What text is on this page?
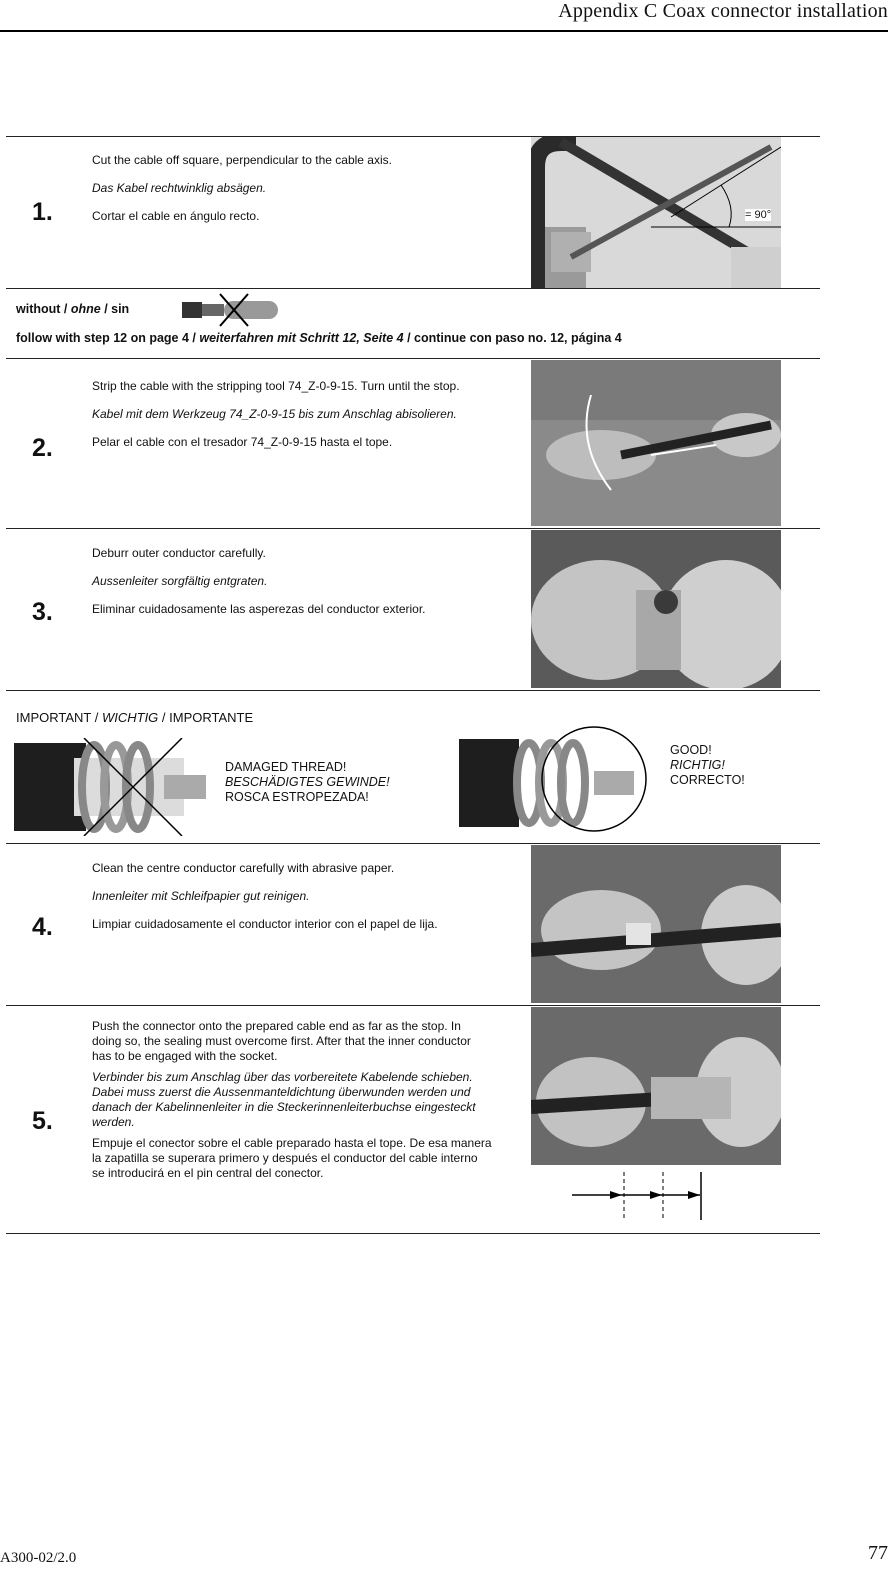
Appendix C Coax connector installation
1.

Cut the cable off square, perpendicular to the cable axis.

Das Kabel rechtwinklig absägen.

Cortar el cable en ángulo recto.	= 90°
without / ohne / sin
follow with step 12 on page 4 / weiterfahren mit Schritt 12, Seite 4 / continue con paso no. 12, página 4
2.

Strip the cable with the stripping tool 74_Z-0-9-15. Turn until the stop.

Kabel mit dem Werkzeug 74_Z-0-9-15 bis zum Anschlag abisolieren.

Pelar el cable con el tresador 74_Z-0-9-15 hasta el tope.

3.

Deburr outer conductor carefully.

Aussenleiter sorgfältig entgraten.

Eliminar cuidadosamente las asperezas del conductor exterior.

IMPORTANT / WICHTIG / IMPORTANTE
DAMAGED THREAD!
BESCHÄDIGTES GEWINDE!
ROSCA ESTROPEZADA!
GOOD!
RICHTIG!
CORRECTO!
4.

Clean the centre conductor carefully with abrasive paper.

Innenleiter mit Schleifpapier gut reinigen.

Limpiar cuidadosamente el conductor interior con el papel de lija.

5.

Push the connector onto the prepared cable end as far as the stop. In doing so, the sealing must overcome first. After that the inner conductor has to be engaged with the socket.

Verbinder bis zum Anschlag über das vorbereitete Kabelende schieben. Dabei muss zuerst die Aussenmanteldichtung überwunden werden und danach der Kabelinnenleiter in die Steckerinnenleiterbuchse eingesteckt werden.

Empuje el conector sobre el cable preparado hasta el tope. De esa manera la zapatilla se superara primero y después el conductor del cable interno se introducirá en el pin central del conector.

A300-02/2.0	77
